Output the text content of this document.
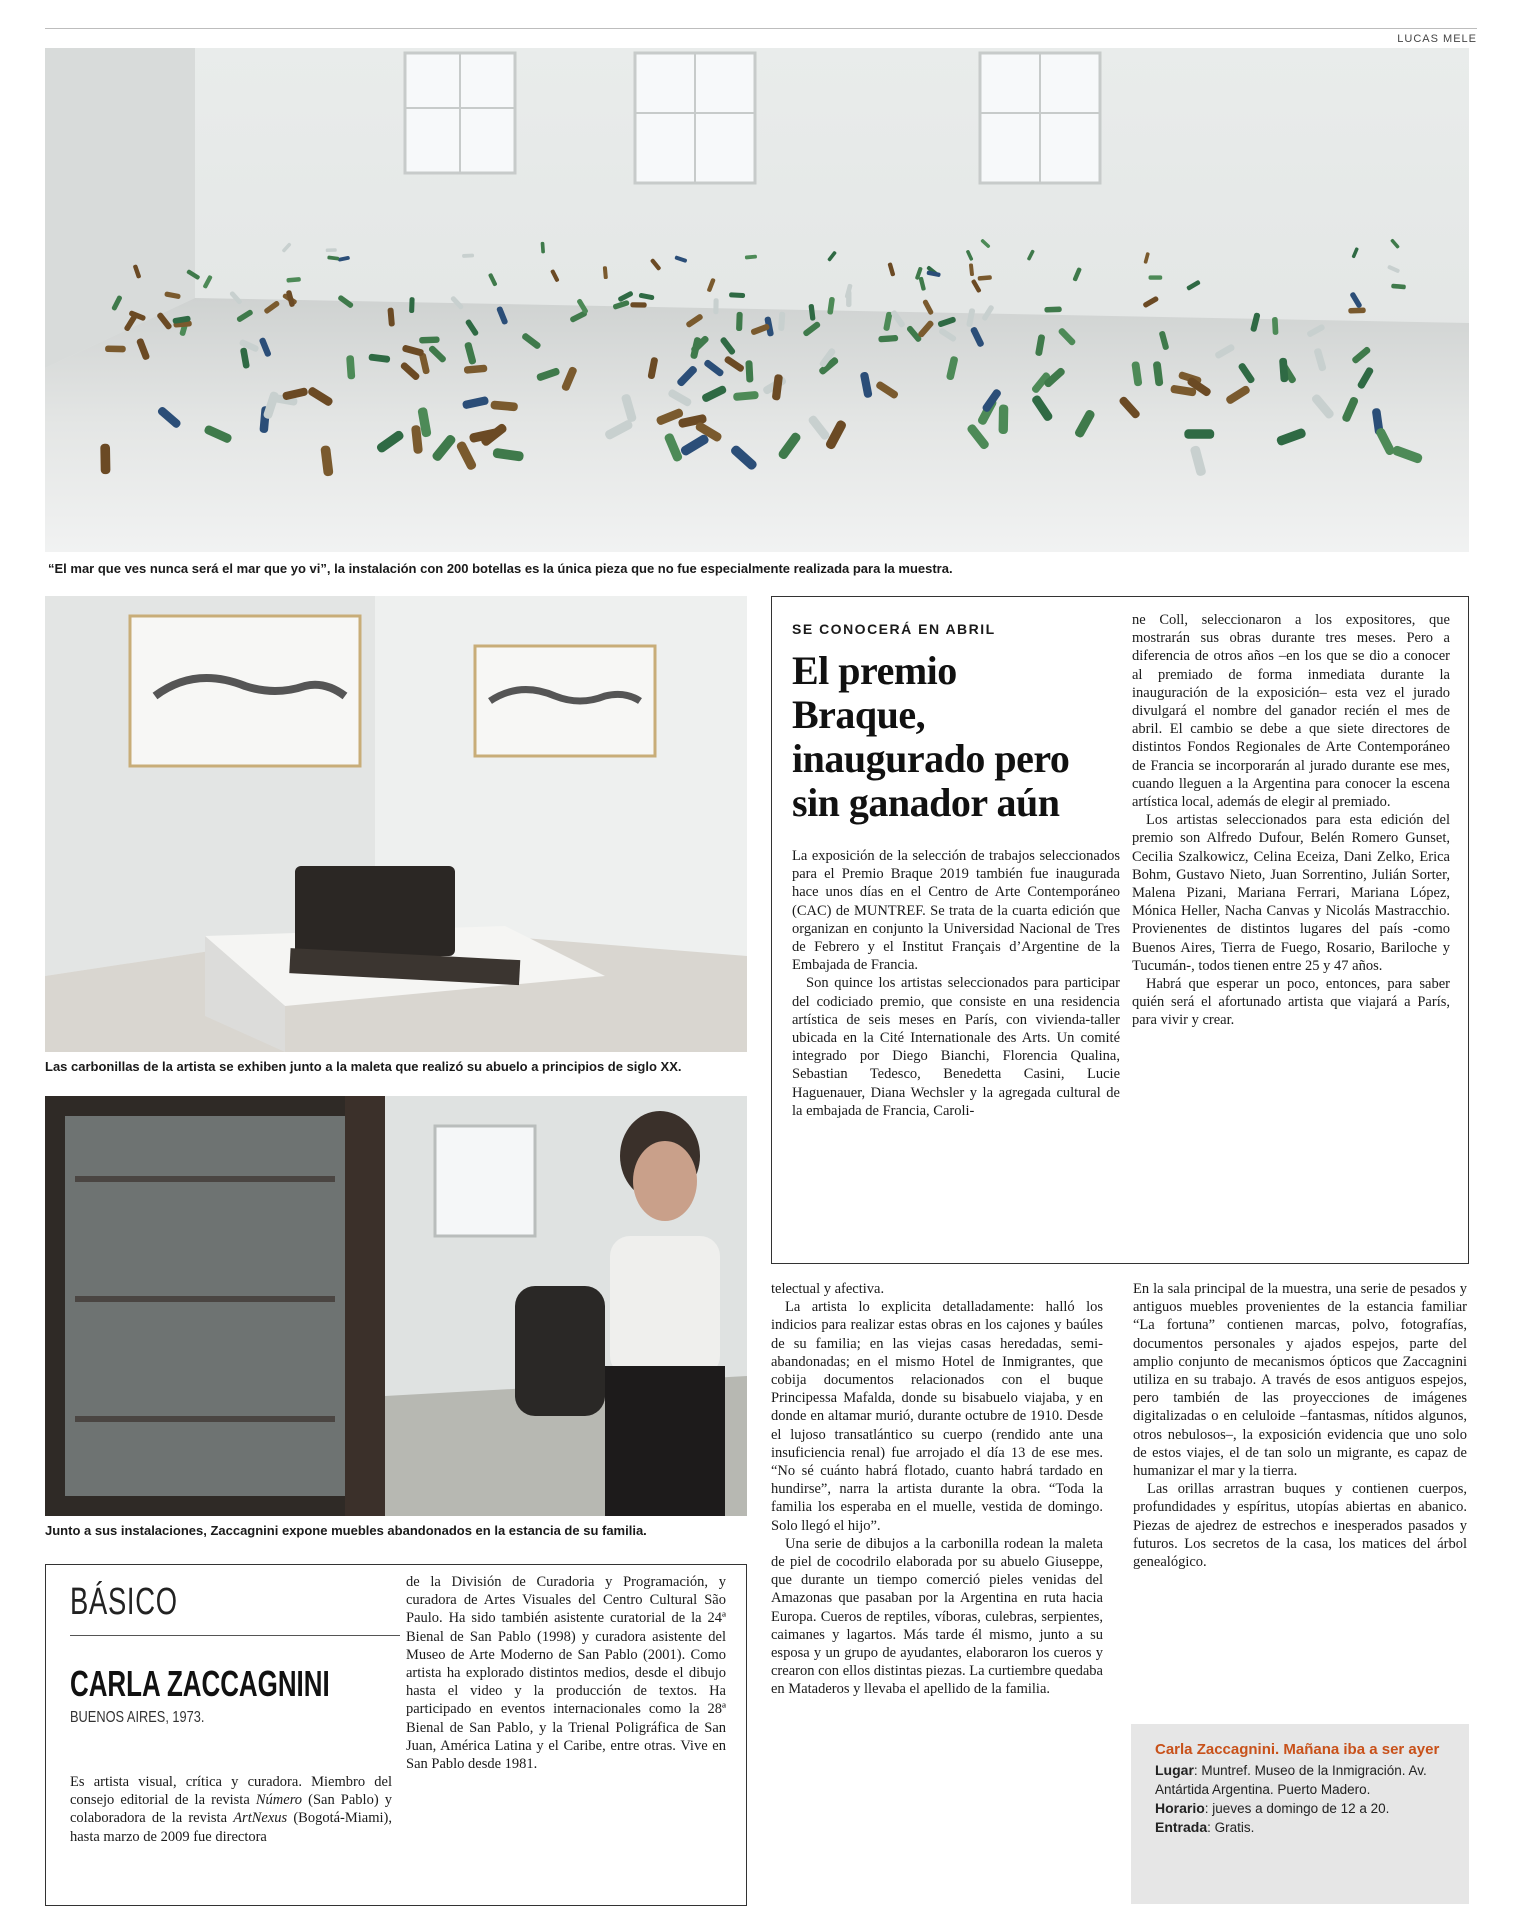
LUCAS MELE
“El mar que ves nunca será el mar que yo vi”, la instalación con 200 botellas es la única pieza que no fue especialmente realizada para la muestra.
Las carbonillas de la artista se exhiben junto a la maleta que realizó su abuelo a principios de siglo XX.
Junto a sus instalaciones, Zaccagnini expone muebles abandonados en la estancia de su familia.
SE CONOCERÁ EN ABRIL
El premio Braque, inaugurado pero sin ganador aún

La exposición de la selección de trabajos seleccionados para el Premio Braque 2019 también fue inaugurada hace unos días en el Centro de Arte Contemporáneo (CAC) de MUNTREF. Se trata de la cuarta edición que organizan en conjunto la Universidad Nacional de Tres de Febrero y el Institut Français d’Argentine de la Embajada de Francia.

Son quince los artistas seleccionados para participar del codiciado premio, que consiste en una residencia artística de seis meses en París, con vivienda-taller ubicada en la Cité Internationale des Arts. Un comité integrado por Diego Bianchi, Florencia Qualina, Sebastian Tedesco, Benedetta Casini, Lucie Haguenauer, Diana Wechsler y la agregada cultural de la embajada de Francia, Caroli-

ne Coll, seleccionaron a los expositores, que mostrarán sus obras durante tres meses. Pero a diferencia de otros años –en los que se dio a conocer al premiado de forma inmediata durante la inauguración de la exposición– esta vez el jurado divulgará el nombre del ganador recién el mes de abril. El cambio se debe a que siete directores de distintos Fondos Regionales de Arte Contemporáneo de Francia se incorporarán al jurado durante ese mes, cuando lleguen a la Argentina para conocer la escena artística local, además de elegir al premiado.

Los artistas seleccionados para esta edición del premio son Alfredo Dufour, Belén Romero Gunset, Cecilia Szalkowicz, Celina Eceiza, Dani Zelko, Erica Bohm, Gustavo Nieto, Juan Sorrentino, Julián Sorter, Malena Pizani, Mariana Ferrari, Mariana López, Mónica Heller, Nacha Canvas y Nicolás Mastracchio. Provienentes de distintos lugares del país -como Buenos Aires, Tierra de Fuego, Rosario, Bariloche y Tucumán-, todos tienen entre 25 y 47 años.

Habrá que esperar un poco, entonces, para saber quién será el afortunado artista que viajará a París, para vivir y crear.

telectual y afectiva.

La artista lo explicita detalladamente: halló los indicios para realizar estas obras en los cajones y baúles de su familia; en las viejas casas heredadas, semi-abandonadas; en el mismo Hotel de Inmigrantes, que cobija documentos relacionados con el buque Principessa Mafalda, donde su bisabuelo viajaba, y en donde en altamar murió, durante octubre de 1910. Desde el lujoso transatlántico su cuerpo (rendido ante una insuficiencia renal) fue arrojado el día 13 de ese mes. “No sé cuánto habrá flotado, cuanto habrá tardado en hundirse”, narra la artista durante la obra. “Toda la familia los esperaba en el muelle, vestida de domingo. Solo llegó el hijo”.

Una serie de dibujos a la carbonilla rodean la maleta de piel de cocodrilo elaborada por su abuelo Giuseppe, que durante un tiempo comerció pieles venidas del Amazonas que pasaban por la Argentina en ruta hacia Europa. Cueros de reptiles, víboras, culebras, serpientes, caimanes y lagartos. Más tarde él mismo, junto a su esposa y un grupo de ayudantes, elaboraron los cueros y crearon con ellos distintas piezas. La curtiembre quedaba en Mataderos y llevaba el apellido de la familia.

En la sala principal de la muestra, una serie de pesados y antiguos muebles provenientes de la estancia familiar “La fortuna” contienen marcas, polvo, fotografías, documentos personales y ajados espejos, parte del amplio conjunto de mecanismos ópticos que Zaccagnini utiliza en su trabajo. A través de esos antiguos espejos, pero también de las proyecciones de imágenes digitalizadas o en celuloide –fantasmas, nítidos algunos, otros nebulosos–, la exposición evidencia que uno solo de estos viajes, el de tan solo un migrante, es capaz de humanizar el mar y la tierra.

Las orillas arrastran buques y contienen cuerpos, profundidades y espíritus, utopías abiertas en abanico. Piezas de ajedrez de estrechos e inesperados pasados y futuros. Los secretos de la casa, los matices del árbol genealógico.

BÁSICO
CARLA ZACCAGNINI
BUENOS AIRES, 1973.
Es artista visual, crítica y curadora. Miembro del consejo editorial de la revista Número (San Pablo) y colaboradora de la revista ArtNexus (Bogotá-Miami), hasta marzo de 2009 fue directora
de la División de Curadoria y Programación, y curadora de Artes Visuales del Centro Cultural São Paulo. Ha sido también asistente curatorial de la 24ª Bienal de San Pablo (1998) y curadora asistente del Museo de Arte Moderno de San Pablo (2001). Como artista ha explorado distintos medios, desde el dibujo hasta el video y la producción de textos. Ha participado en eventos internacionales como la 28ª Bienal de San Pablo, y la Trienal Poligráfica de San Juan, América Latina y el Caribe, entre otras. Vive en San Pablo desde 1981.
Carla Zaccagnini. Mañana iba a ser ayer
Lugar: Muntref. Museo de la Inmigración. Av. Antártida Argentina. Puerto Madero.
Horario: jueves a domingo de 12 a 20.
Entrada: Gratis.
